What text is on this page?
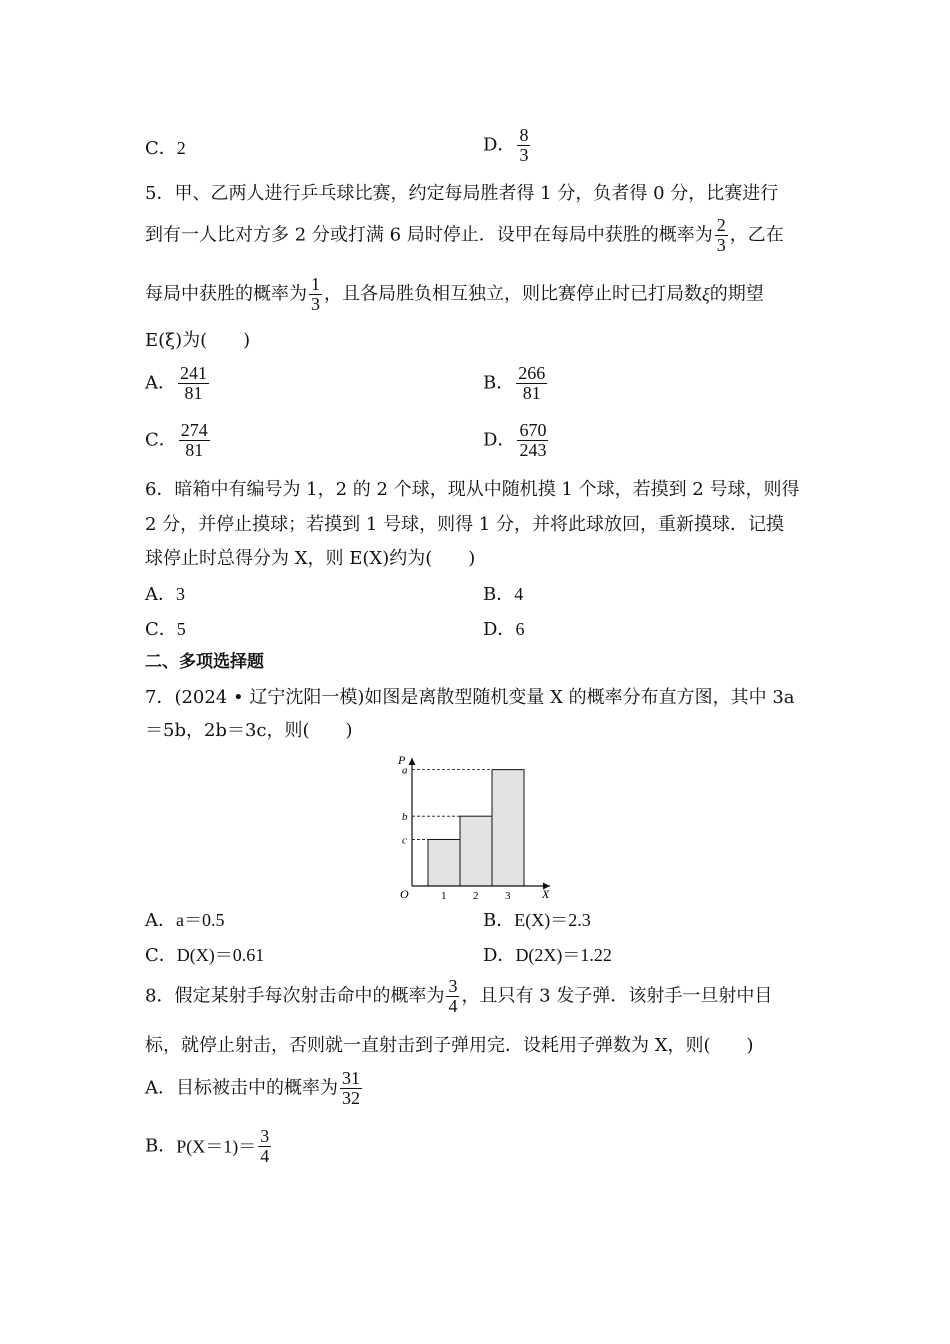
C．2	D． $\frac{8}{3}$
5．甲、乙两人进行乒乓球比赛，约定每局胜者得 1 分，负者得 0 分，比赛进行
到有一人比对方多 2 分或打满 6 局时停止．设甲在每局中获胜的概率为 $\frac{2}{3}$ ，乙在
每局中获胜的概率为 $\frac{1}{3}$ ，且各局胜负相互独立，则比赛停止时已打局数ξ的期望
E(ξ)为(　　)
A． $\frac{241}{81}$	B． $\frac{266}{81}$
C． $\frac{274}{81}$	D． $\frac{670}{243}$
6．暗箱中有编号为 1，2 的 2 个球，现从中随机摸 1 个球，若摸到 2 号球，则得
2 分，并停止摸球；若摸到 1 号球，则得 1 分，并将此球放回，重新摸球．记摸
球停止时总得分为 X，则 E(X)约为(　　)
A．3	B．4
C．5	D．6
二、多项选择题
7．(2024 • 辽宁沈阳一模)如图是离散型随机变量 X 的概率分布直方图，其中 3a
＝5b，2b＝3c，则(　　)
P
X
O
c
1
b
2
a
3
A．a＝0.5	B．E(X)＝2.3
C．D(X)＝0.61	D．D(2X)＝1.22
8．假定某射手每次射击命中的概率为 $\frac{3}{4}$ ，且只有 3 发子弹．该射手一旦射中目
标，就停止射击，否则就一直射击到子弹用完．设耗用子弹数为 X，则(　　)
A．目标被击中的概率为 $\frac{31}{32}$
B．$P(X=1)= \frac{3}{4}$
